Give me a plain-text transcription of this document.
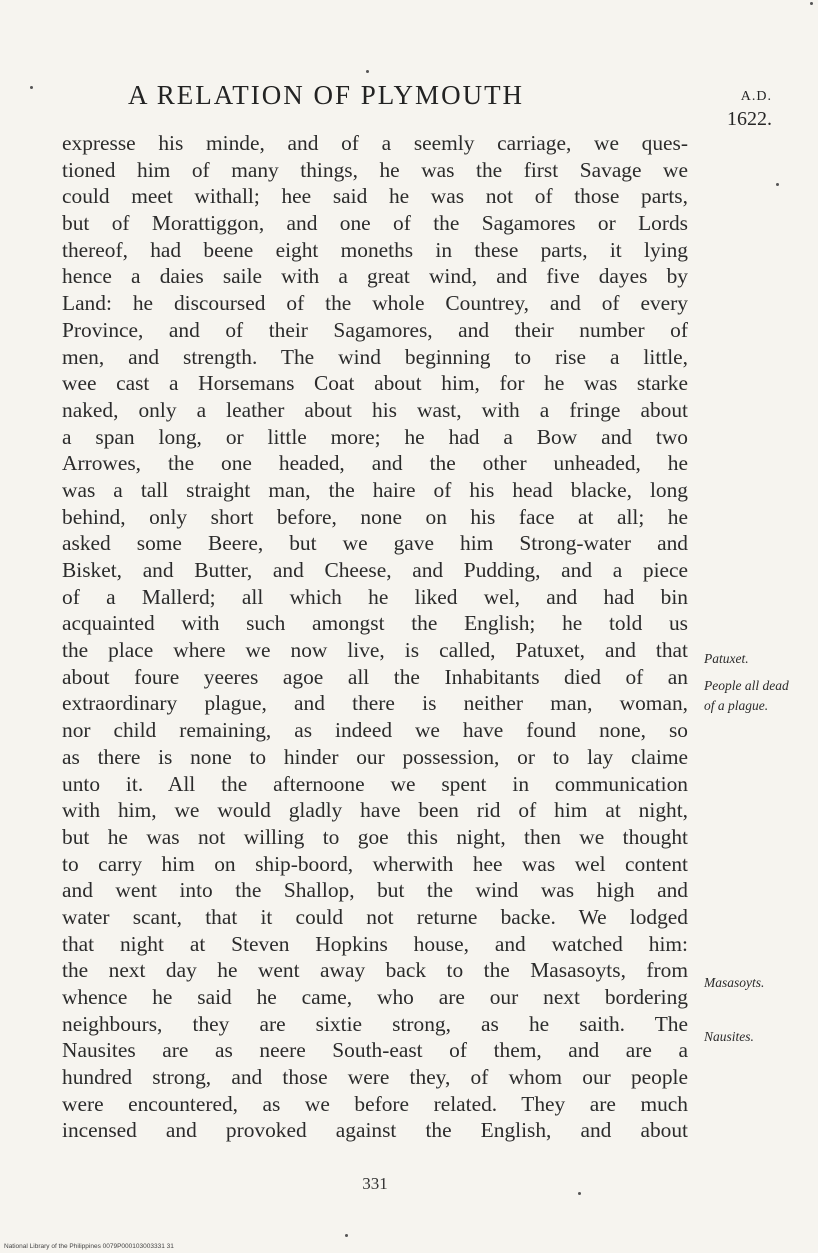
A RELATION OF PLYMOUTH	A.D.
1622.
expresse his minde, and of a seemly carriage, we ques-
tioned him of many things, he was the first Savage we
could meet withall; hee said he was not of those parts,
but of Morattiggon, and one of the Sagamores or Lords
thereof, had beene eight moneths in these parts, it lying
hence a daies saile with a great wind, and five dayes by
Land: he discoursed of the whole Countrey, and of every
Province, and of their Sagamores, and their number of
men, and strength. The wind beginning to rise a little,
wee cast a Horsemans Coat about him, for he was starke
naked, only a leather about his wast, with a fringe about
a span long, or little more; he had a Bow and two
Arrowes, the one headed, and the other unheaded, he
was a tall straight man, the haire of his head blacke, long
behind, only short before, none on his face at all; he
asked some Beere, but we gave him Strong-water and
Bisket, and Butter, and Cheese, and Pudding, and a piece
of a Mallerd; all which he liked wel, and had bin
acquainted with such amongst the English; he told us
the place where we now live, is called, Patuxet, and that
about foure yeeres agoe all the Inhabitants died of an
extraordinary plague, and there is neither man, woman,
nor child remaining, as indeed we have found none, so
as there is none to hinder our possession, or to lay claime
unto it. All the afternoone we spent in communication
with him, we would gladly have been rid of him at night,
but he was not willing to goe this night, then we thought
to carry him on ship-boord, wherwith hee was wel content
and went into the Shallop, but the wind was high and
water scant, that it could not returne backe. We lodged
that night at Steven Hopkins house, and watched him:
the next day he went away back to the Masasoyts, from
whence he said he came, who are our next bordering
neighbours, they are sixtie strong, as he saith. The
Nausites are as neere South-east of them, and are a
hundred strong, and those were they, of whom our people
were encountered, as we before related. They are much
incensed and provoked against the English, and about
Patuxet.
People all dead
of a plague.
Masasoyts.
Nausites.
331
National Library of the Philippines 0079P000103003331 31
